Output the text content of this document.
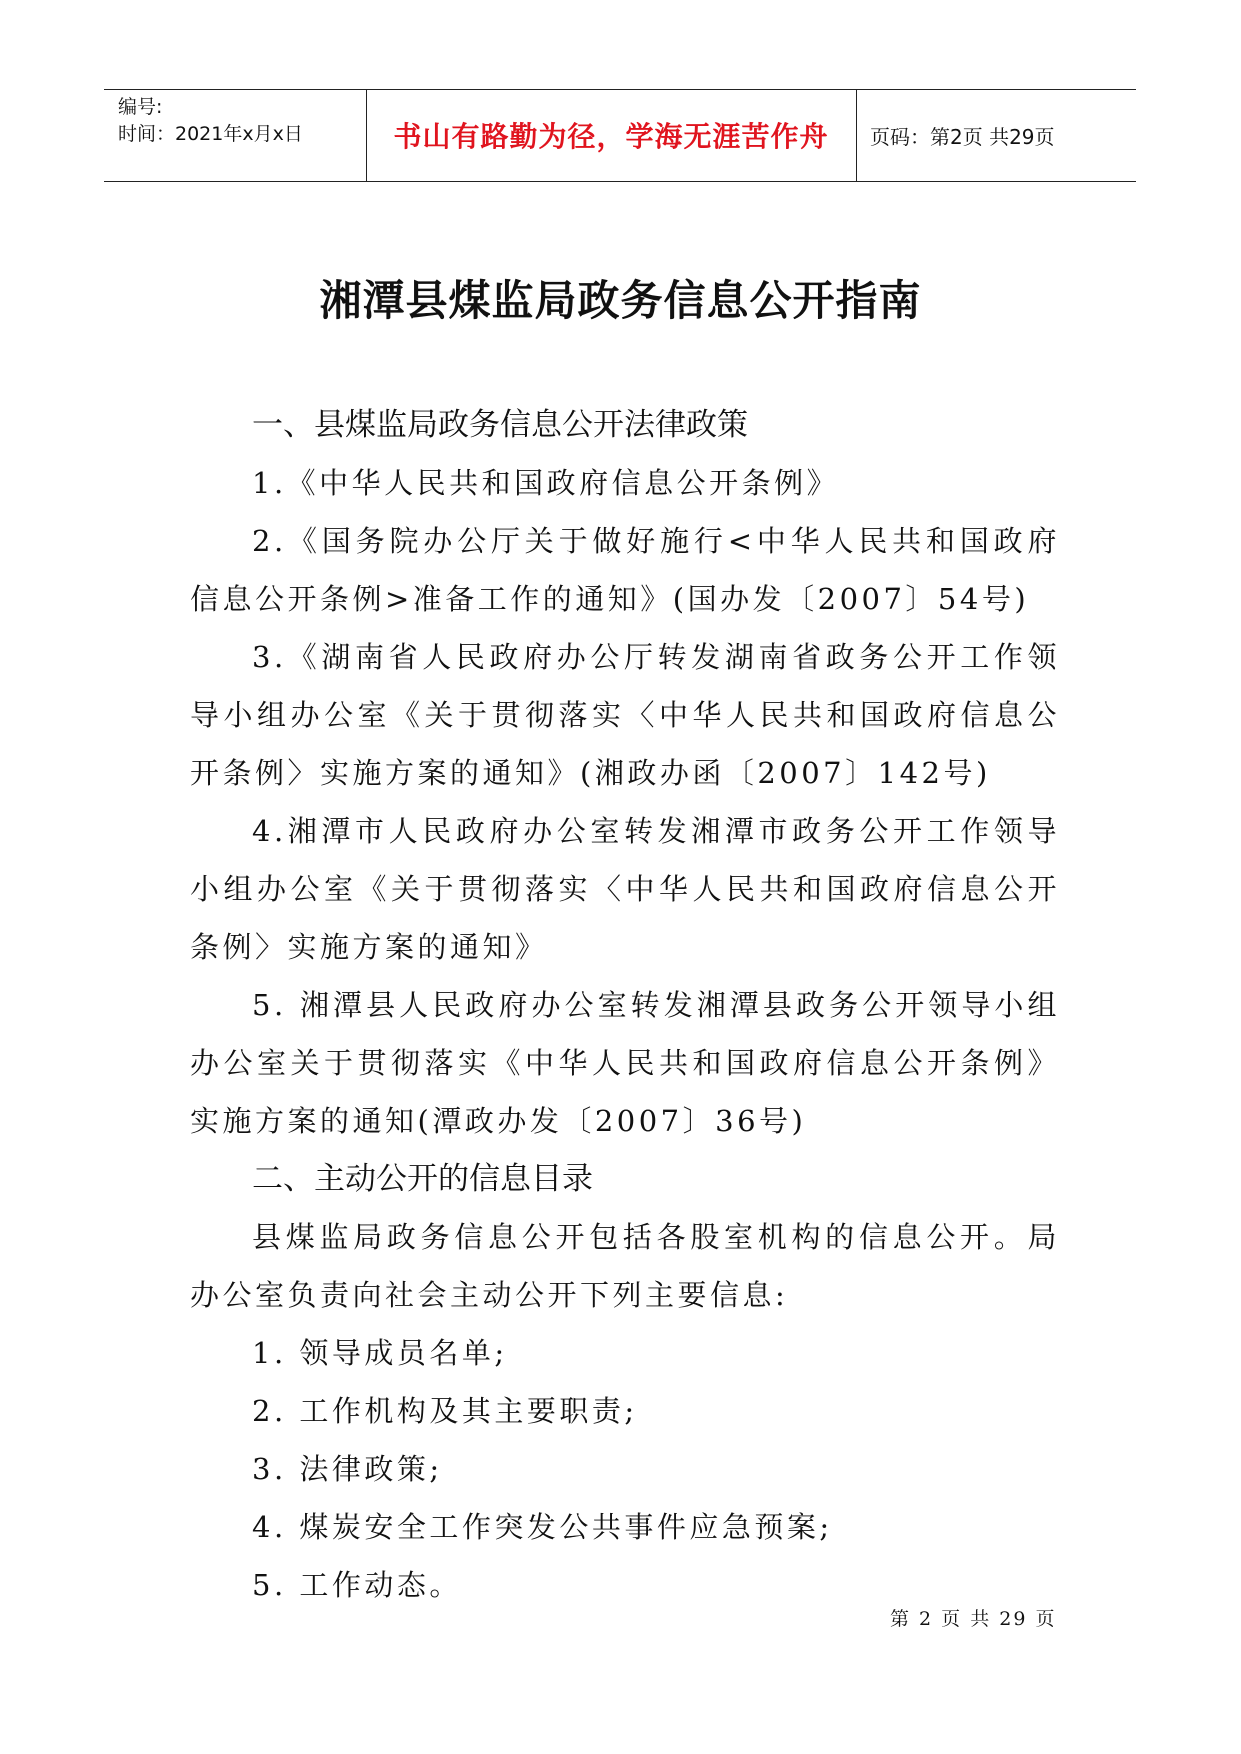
编号:
时间：2021年x月x日	书山有路勤为径，学海无涯苦作舟	页码：第2页 共29页
湘潭县煤监局政务信息公开指南

一、县煤监局政务信息公开法律政策

1.《中华人民共和国政府信息公开条例》

2.《国务院办公厅关于做好施行<中华人民共和国政府信息公开条例>准备工作的通知》(国办发〔2007〕54号)

3.《湖南省人民政府办公厅转发湖南省政务公开工作领导小组办公室《关于贯彻落实〈中华人民共和国政府信息公开条例〉实施方案的通知》(湘政办函〔2007〕142号)

4.湘潭市人民政府办公室转发湘潭市政务公开工作领导小组办公室《关于贯彻落实〈中华人民共和国政府信息公开条例〉实施方案的通知》

5. 湘潭县人民政府办公室转发湘潭县政务公开领导小组办公室关于贯彻落实《中华人民共和国政府信息公开条例》实施方案的通知(潭政办发〔2007〕36号)

二、主动公开的信息目录

县煤监局政务信息公开包括各股室机构的信息公开。局办公室负责向社会主动公开下列主要信息:

1. 领导成员名单;

2. 工作机构及其主要职责;

3. 法律政策;

4. 煤炭安全工作突发公共事件应急预案;

5. 工作动态。

第 2 页 共 29 页
